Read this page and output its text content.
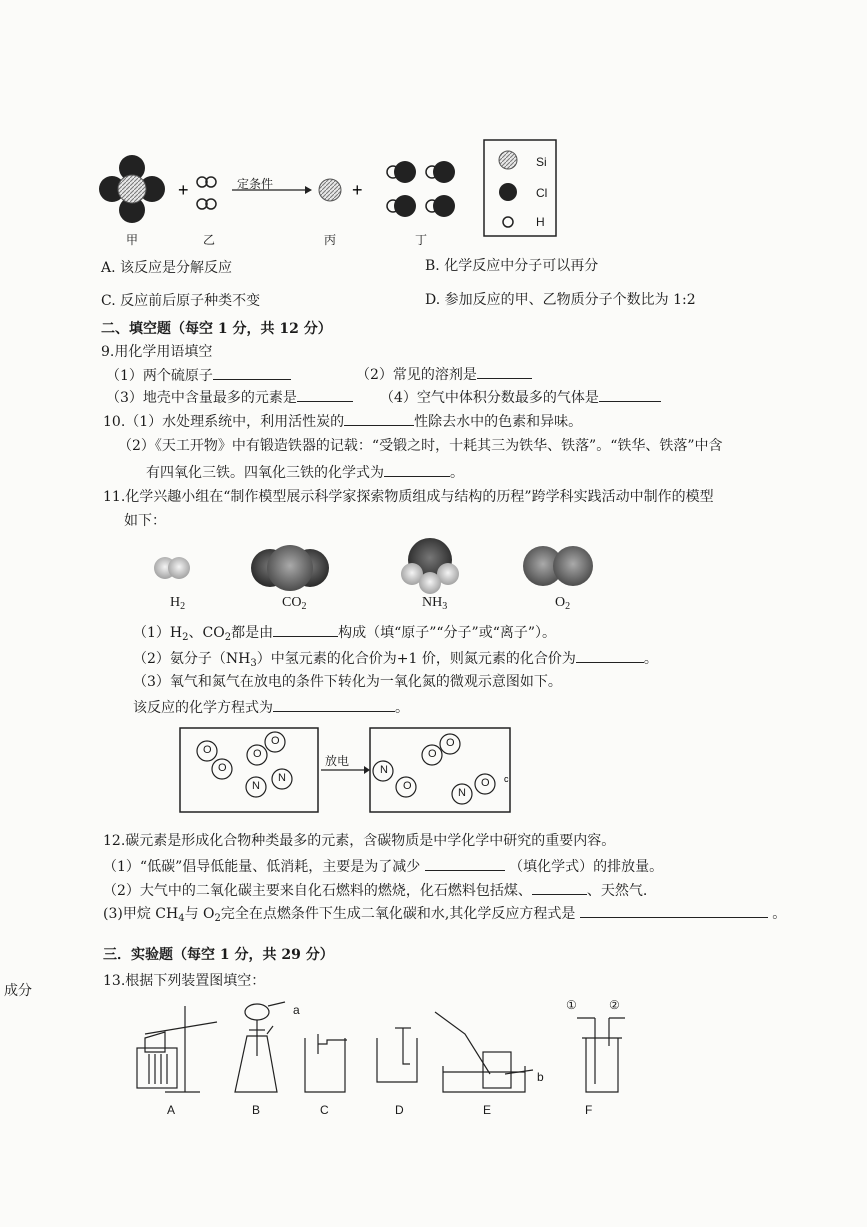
+	+
定条件
Si
Cl
H
甲	乙	丙	丁
A. 该反应是分解反应	B. 化学反应中分子可以再分
C. 反应前后原子种类不变	D. 参加反应的甲、乙物质分子个数比为 1:2
二、填空题（每空 1 分，共 12 分）
9.用化学用语填空
（1）两个硫原子	（2）常见的溶剂是
（3）地壳中含量最多的元素是	（4）空气中体积分数最多的气体是
10.（1）水处理系统中，利用活性炭的	性除去水中的色素和异味。
（2）《天工开物》中有锻造铁器的记载：“受锻之时，十耗其三为铁华、铁落”。“铁华、铁落”中含
有四氧化三铁。四氧化三铁的化学式为	。
11.化学兴趣小组在“制作模型展示科学家探索物质组成与结构的历程”跨学科实践活动中制作的模型
如下：
$H_2$	$CO_2$	$NH_3$	$O_2$
$(1)H_2$、$CO_2$都是由	构成（填“原子”“分子”或“离子”）。
（2）氨分子$(NH_3)$中氢元素的化合价为+1 价，则氮元素的化合价为	。
（3）氧气和氮气在放电的条件下转化为一氧化氮的微观示意图如下。
该反应的化学方程式为	。
c
放电
O
O
O
O
N
N
N
O
O
O
N
O
12.碳元素是形成化合物种类最多的元素，含碳物质是中学化学中研究的重要内容。
（1）“低碳”倡导低能量、低消耗，主要是为了减少	（填化学式）的排放量。
（2）大气中的二氧化碳主要来自化石燃料的燃烧，化石燃料包括煤、	、天然气.
(3)甲烷 $CH_4$与 $O_2$完全在点燃条件下生成二氧化碳和水,其化学反应方程式是	。
三．实验题（每空 1 分，共 29 分）
成分
13.根据下列装置图填空：
a
b
①	②
A	B	C	D	E	F
